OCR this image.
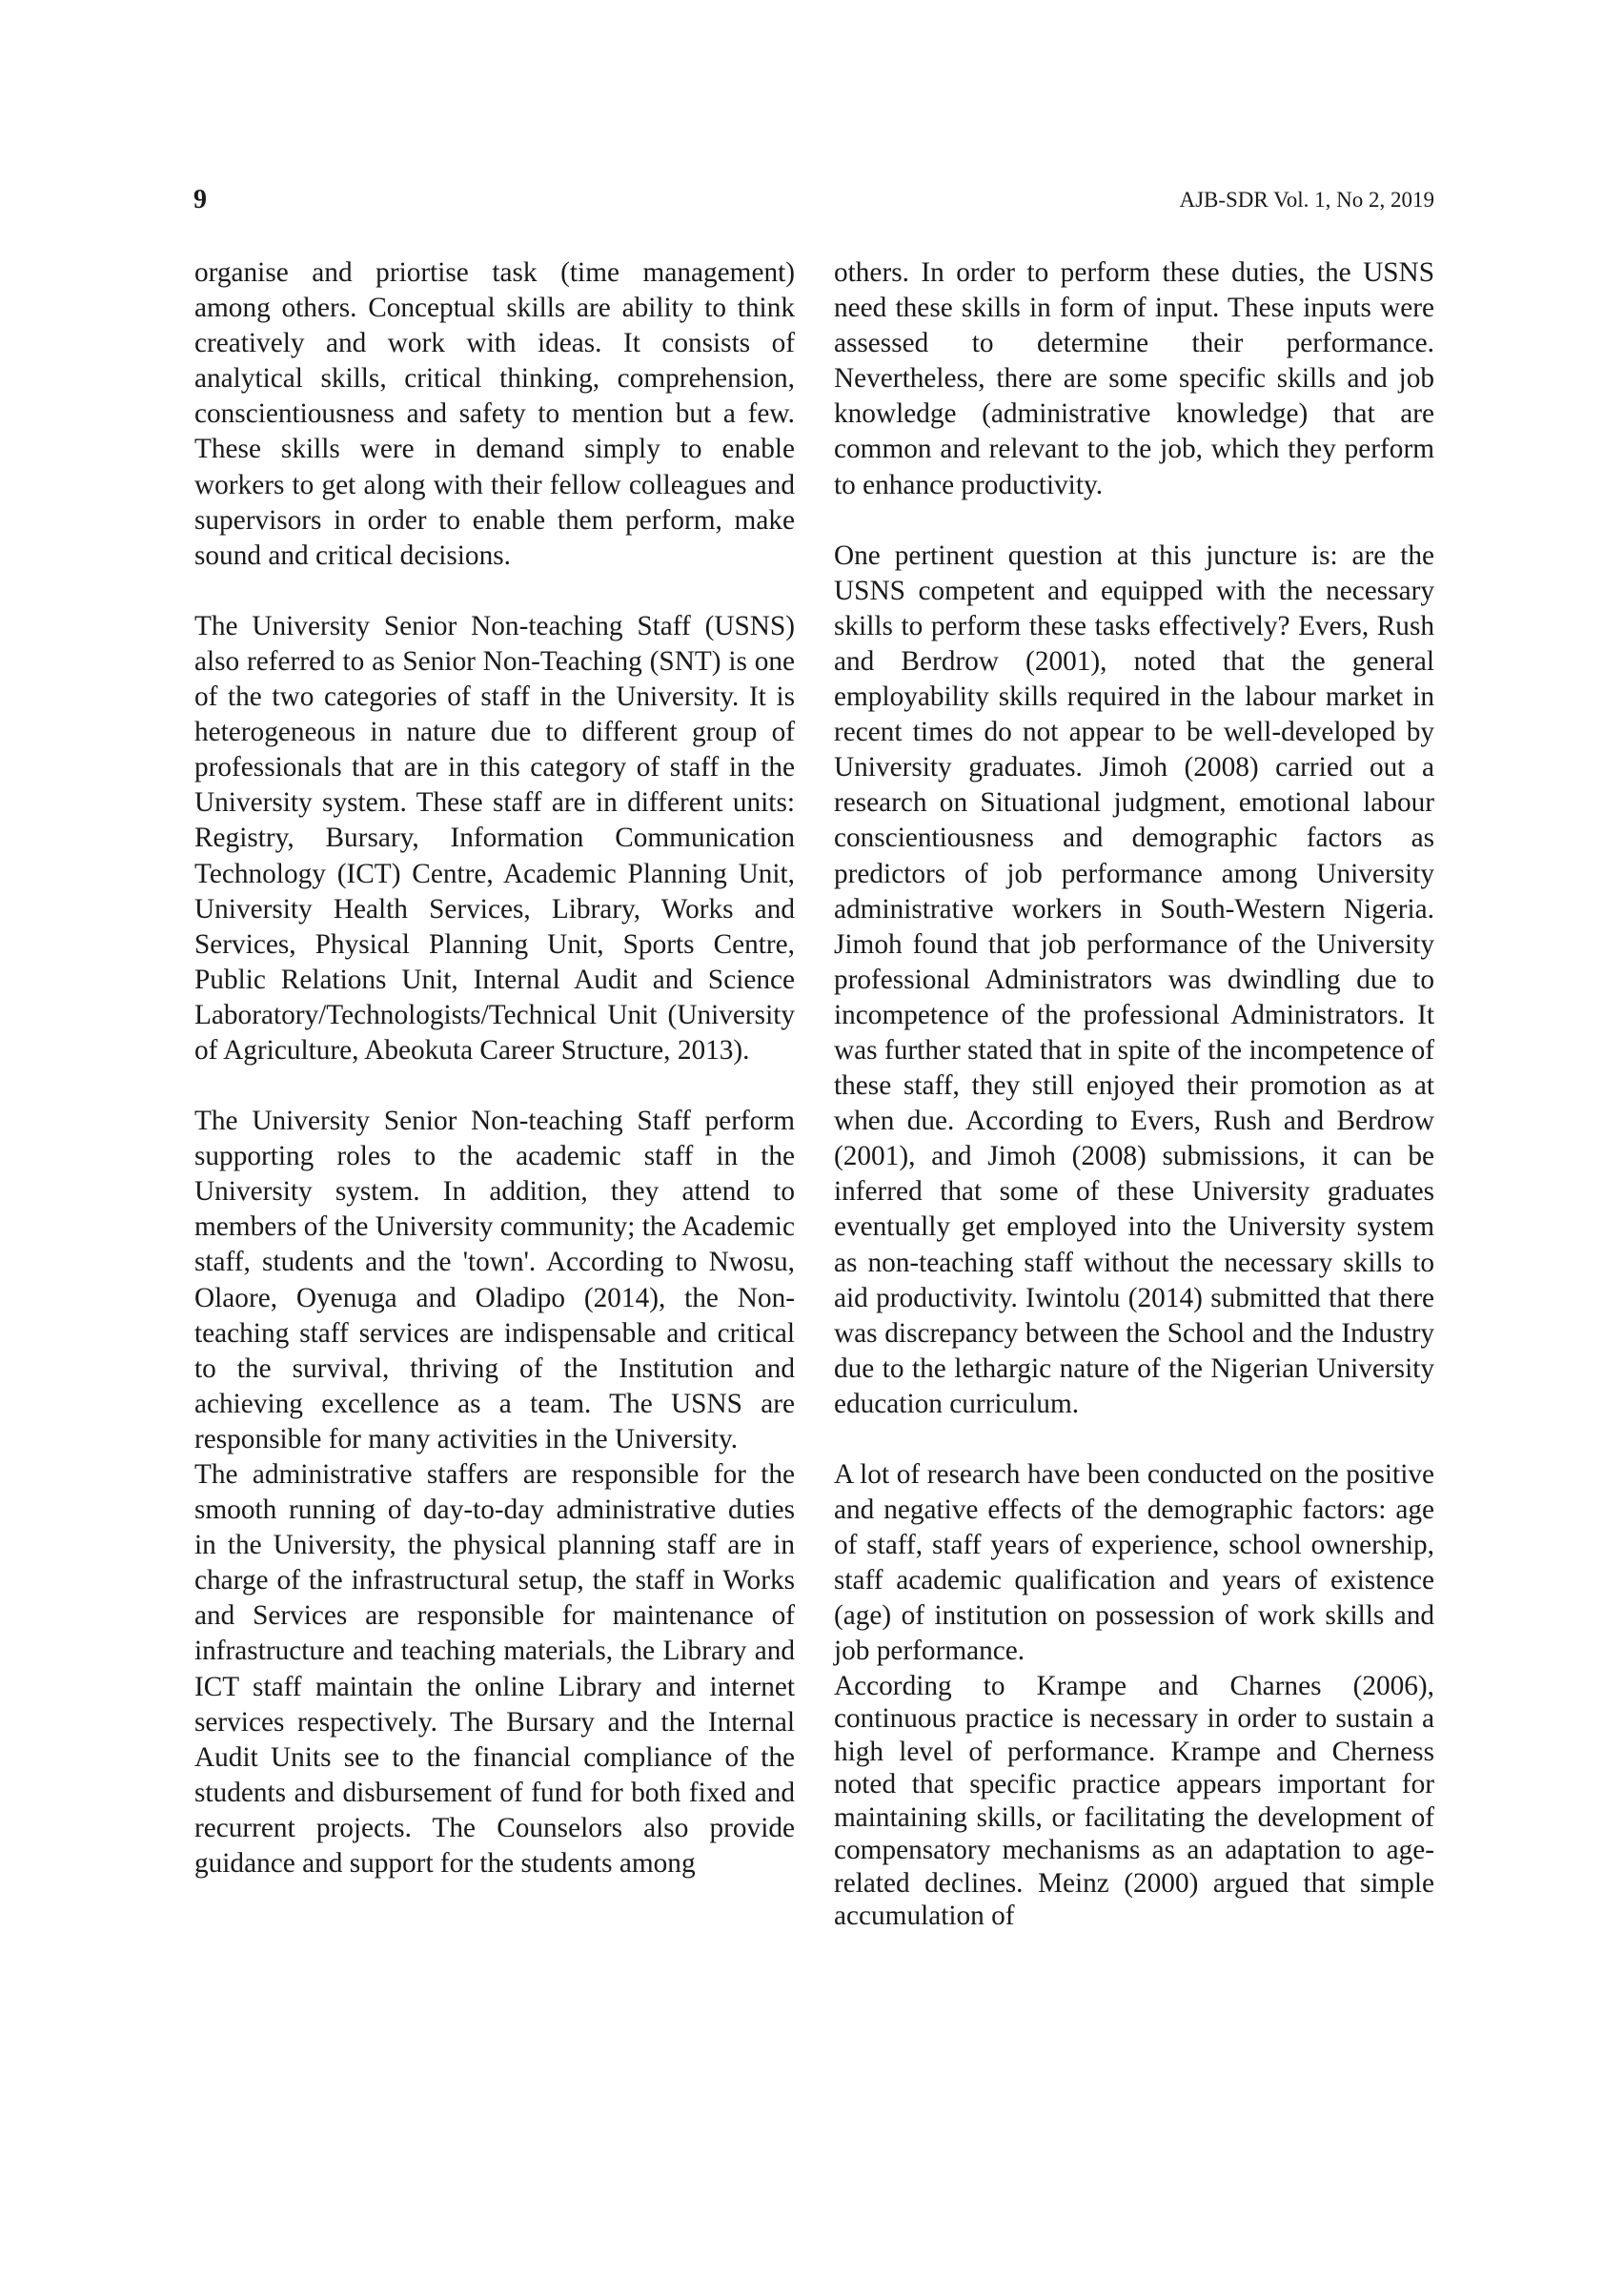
9	AJB-SDR Vol. 1, No 2, 2019

organise and priortise task (time management) among others. Conceptual skills are ability to think creatively and work with ideas. It consists of analytical skills, critical thinking, comprehension, conscientiousness and safety to mention but a few. These skills were in demand simply to enable workers to get along with their fellow colleagues and supervisors in order to enable them perform, make sound and critical decisions.

The University Senior Non-teaching Staff (USNS) also referred to as Senior Non-Teaching (SNT) is one of the two categories of staff in the University. It is heterogeneous in nature due to different group of professionals that are in this category of staff in the University system. These staff are in different units: Registry, Bursary, Information Communication Technology (ICT) Centre, Academic Planning Unit, University Health Services, Library, Works and Services, Physical Planning Unit, Sports Centre, Public Relations Unit, Internal Audit and Science Laboratory/Technologists/Technical Unit (University of Agriculture, Abeokuta Career Structure, 2013).

The University Senior Non-teaching Staff perform supporting roles to the academic staff in the University system. In addition, they attend to members of the University community; the Academic staff, students and the 'town'. According to Nwosu, Olaore, Oyenuga and Oladipo (2014), the Non-teaching staff services are indispensable and critical to the survival, thriving of the Institution and achieving excellence as a team. The USNS are responsible for many activities in the University.

The administrative staffers are responsible for the smooth running of day-to-day administrative duties in the University, the physical planning staff are in charge of the infrastructural setup, the staff in Works and Services are responsible for maintenance of infrastructure and teaching materials, the Library and ICT staff maintain the online Library and internet services respectively. The Bursary and the Internal Audit Units see to the financial compliance of the students and disbursement of fund for both fixed and recurrent projects. The Counselors also provide guidance and support for the students among

others. In order to perform these duties, the USNS need these skills in form of input. These inputs were assessed to determine their performance. Nevertheless, there are some specific skills and job knowledge (administrative knowledge) that are common and relevant to the job, which they perform to enhance productivity.

One pertinent question at this juncture is: are the USNS competent and equipped with the necessary skills to perform these tasks effectively? Evers, Rush and Berdrow (2001), noted that the general employability skills required in the labour market in recent times do not appear to be well-developed by University graduates. Jimoh (2008) carried out a research on Situational judgment, emotional labour conscientiousness and demographic factors as predictors of job performance among University administrative workers in South-Western Nigeria. Jimoh found that job performance of the University professional Administrators was dwindling due to incompetence of the professional Administrators. It was further stated that in spite of the incompetence of these staff, they still enjoyed their promotion as at when due. According to Evers, Rush and Berdrow (2001), and Jimoh (2008) submissions, it can be inferred that some of these University graduates eventually get employed into the University system as non-teaching staff without the necessary skills to aid productivity. Iwintolu (2014) submitted that there was discrepancy between the School and the Industry due to the lethargic nature of the Nigerian University education curriculum.

A lot of research have been conducted on the positive and negative effects of the demographic factors: age of staff, staff years of experience, school ownership, staff academic qualification and years of existence (age) of institution on possession of work skills and job performance.

According to Krampe and Charnes (2006), continuous practice is necessary in order to sustain a high level of performance. Krampe and Cherness noted that specific practice appears important for maintaining skills, or facilitating the development of compensatory mechanisms as an adaptation to age-related declines. Meinz (2000) argued that simple accumulation of
